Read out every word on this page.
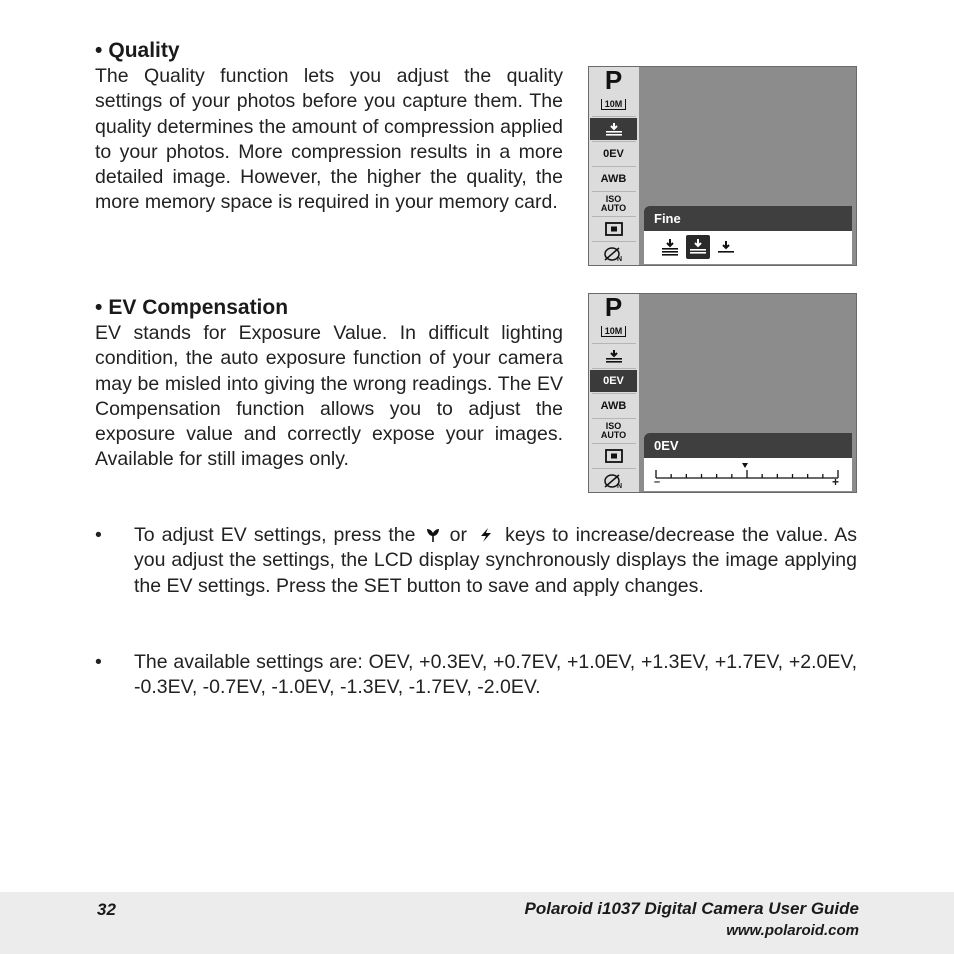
• Quality
The Quality function lets you adjust the quality settings of your photos before you capture them. The quality determines the amount of compression applied to your photos. More compression results in a more detailed image. However, the higher the quality, the more memory space is required in your memory card.
P
10M
0EV
AWB
ISO
AUTO
N
Fine
• EV Compensation
EV stands for Exposure Value. In difficult lighting condition, the auto exposure function of your camera may be misled into giving the wrong readings. The EV Compensation function allows you to adjust the exposure value and correctly expose your images. Available for still images only.
P
10M
0EV
AWB
ISO
AUTO
N
0EV
–	+
• To adjust EV settings, press the or keys to increase/decrease the value. As you adjust the settings, the LCD display synchronously displays the image applying the EV settings. Press the SET button to save and apply changes.
• The available settings are: OEV, +0.3EV, +0.7EV, +1.0EV, +1.3EV, +1.7EV, +2.0EV, -0.3EV, -0.7EV, -1.0EV, -1.3EV, -1.7EV, -2.0EV.
32	Polaroid i1037 Digital Camera User Guide
www.polaroid.com
